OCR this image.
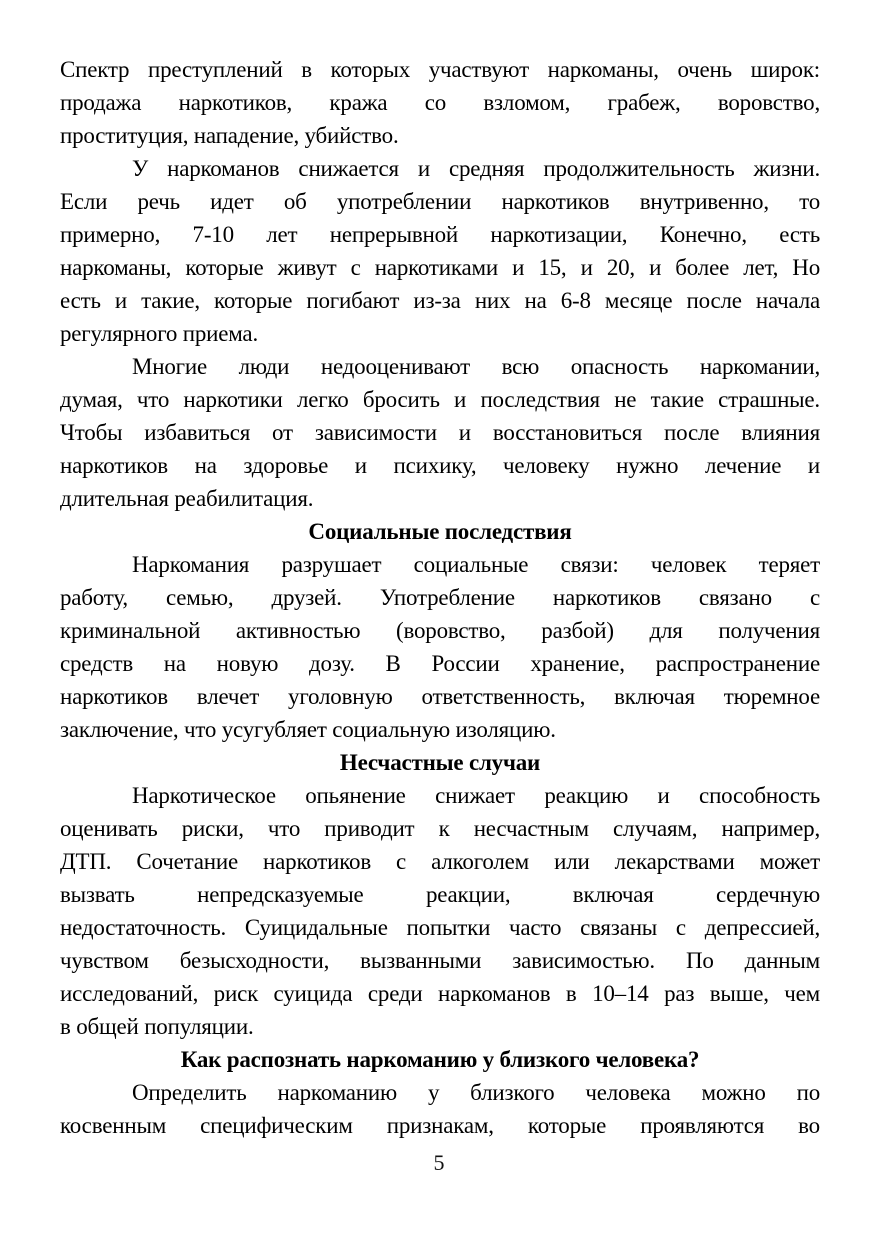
Спектр преступлений в которых участвуют наркоманы, очень широк:
продажа наркотиков, кража со взломом, грабеж, воровство,
проституция, нападение, убийство.
У наркоманов снижается и средняя продолжительность жизни.
Если речь идет об употреблении наркотиков внутривенно, то
примерно, 7-10 лет непрерывной наркотизации, Конечно, есть
наркоманы, которые живут с наркотиками и 15, и 20, и более лет, Но
есть и такие, которые погибают из-за них на 6-8 месяце после начала
регулярного приема.
Многие люди недооценивают всю опасность наркомании,
думая, что наркотики легко бросить и последствия не такие страшные.
Чтобы избавиться от зависимости и восстановиться после влияния
наркотиков на здоровье и психику, человеку нужно лечение и
длительная реабилитация.
Социальные последствия
Наркомания разрушает социальные связи: человек теряет
работу, семью, друзей. Употребление наркотиков связано с
криминальной активностью (воровство, разбой) для получения
средств на новую дозу. В России хранение, распространение
наркотиков влечет уголовную ответственность, включая тюремное
заключение, что усугубляет социальную изоляцию.
Несчастные случаи
Наркотическое опьянение снижает реакцию и способность
оценивать риски, что приводит к несчастным случаям, например,
ДТП. Сочетание наркотиков с алкоголем или лекарствами может
вызвать непредсказуемые реакции, включая сердечную
недостаточность. Суицидальные попытки часто связаны с депрессией,
чувством безысходности, вызванными зависимостью. По данным
исследований, риск суицида среди наркоманов в 10–14 раз выше, чем
в общей популяции.
Как распознать наркоманию у близкого человека?
Определить наркоманию у близкого человека можно по
косвенным специфическим признакам, которые проявляются во
5
